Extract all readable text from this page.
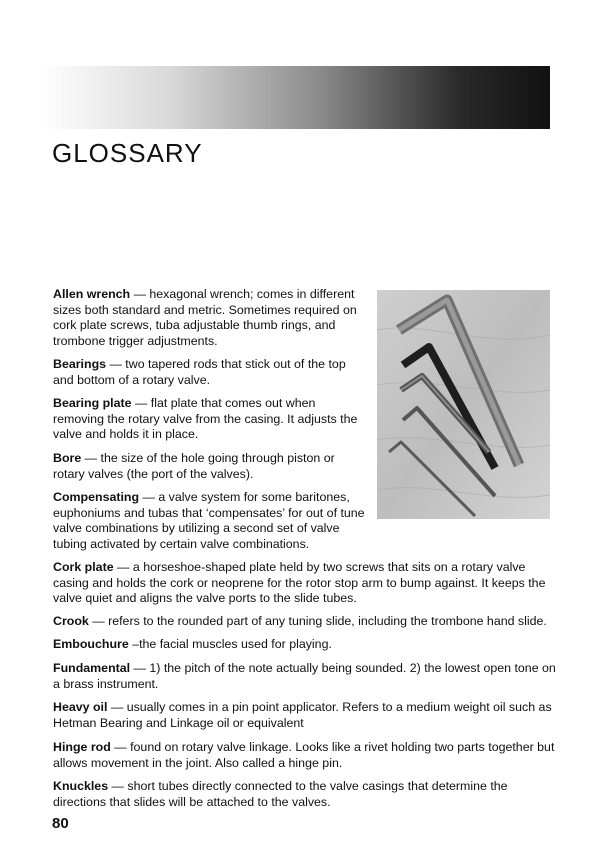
GLOSSARY

Allen wrench — hexagonal wrench; comes in different sizes both standard and metric. Sometimes required on cork plate screws, tuba adjustable thumb rings, and trombone trigger adjustments.

Bearings — two tapered rods that stick out of the top and bottom of a rotary valve.

Bearing plate — flat plate that comes out when removing the rotary valve from the casing. It adjusts the valve and holds it in place.

Bore — the size of the hole going through piston or rotary valves (the port of the valves).

Compensating — a valve system for some baritones, euphoniums and tubas that ‘compensates’ for out of tune valve combinations by utilizing a second set of valve tubing activated by certain valve combinations.

Cork plate — a horseshoe-shaped plate held by two screws that sits on a rotary valve casing and holds the cork or neoprene for the rotor stop arm to bump against. It keeps the valve quiet and aligns the valve ports to the slide tubes.

Crook — refers to the rounded part of any tuning slide, including the trombone hand slide.

Embouchure –the facial muscles used for playing.

Fundamental — 1) the pitch of the note actually being sounded. 2) the lowest open tone on a brass instrument.

Heavy oil — usually comes in a pin point applicator. Refers to a medium weight oil such as Hetman Bearing and Linkage oil or equivalent

Hinge rod — found on rotary valve linkage. Looks like a rivet holding two parts together but allows movement in the joint. Also called a hinge pin.

Knuckles — short tubes directly connected to the valve casings that determine the directions that slides will be attached to the valves.

80
